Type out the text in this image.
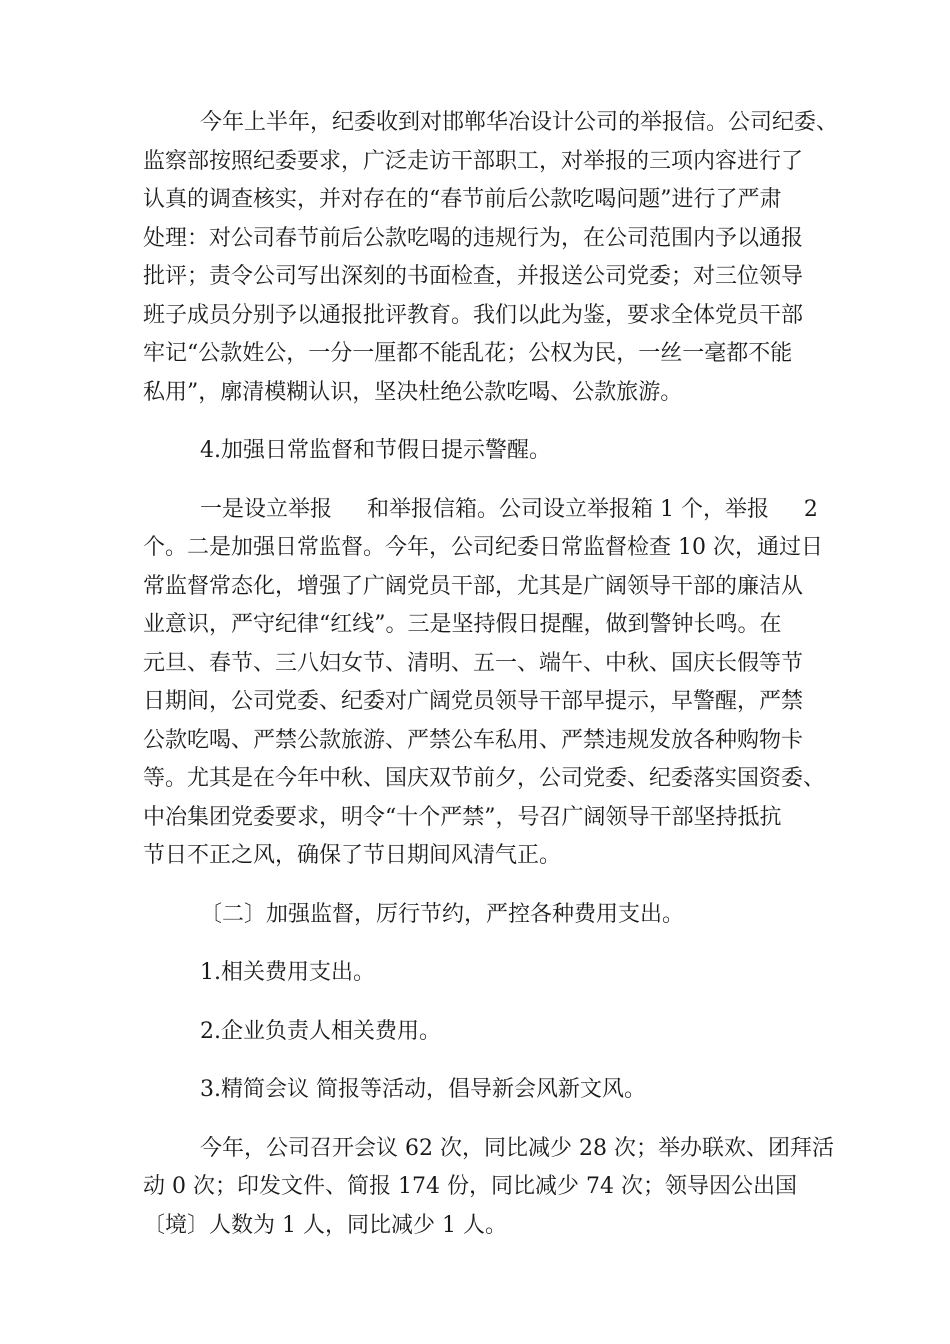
今年上半年，纪委收到对邯郸华冶设计公司的举报信。公司纪委、
监察部按照纪委要求，广泛走访干部职工，对举报的三项内容进行了
认真的调查核实，并对存在的“春节前后公款吃喝问题”进行了严肃
处理：对公司春节前后公款吃喝的违规行为，在公司范围内予以通报
批评；责令公司写出深刻的书面检查，并报送公司党委；对三位领导
班子成员分别予以通报批评教育。我们以此为鉴，要求全体党员干部
牢记“公款姓公，一分一厘都不能乱花；公权为民，一丝一毫都不能
私用”，廓清模糊认识，坚决杜绝公款吃喝、公款旅游。

4.加强日常监督和节假日提示警醒。

一是设立举报     和举报信箱。公司设立举报箱 1 个，举报     2
个。二是加强日常监督。今年，公司纪委日常监督检查 10 次，通过日
常监督常态化，增强了广阔党员干部，尤其是广阔领导干部的廉洁从
业意识，严守纪律“红线”。三是坚持假日提醒，做到警钟长鸣。在
元旦、春节、三八妇女节、清明、五一、端午、中秋、国庆长假等节
日期间，公司党委、纪委对广阔党员领导干部早提示，早警醒，严禁
公款吃喝、严禁公款旅游、严禁公车私用、严禁违规发放各种购物卡
等。尤其是在今年中秋、国庆双节前夕，公司党委、纪委落实国资委、
中冶集团党委要求，明令“十个严禁”，号召广阔领导干部坚持抵抗
节日不正之风，确保了节日期间风清气正。

〔二〕加强监督，厉行节约，严控各种费用支出。

1.相关费用支出。

2.企业负责人相关费用。

3.精简会议 简报等活动，倡导新会风新文风。

今年，公司召开会议 62 次，同比减少 28 次；举办联欢、团拜活
动 0 次；印发文件、简报 174 份，同比减少 74 次；领导因公出国
〔境〕人数为 1 人，同比减少 1 人。
